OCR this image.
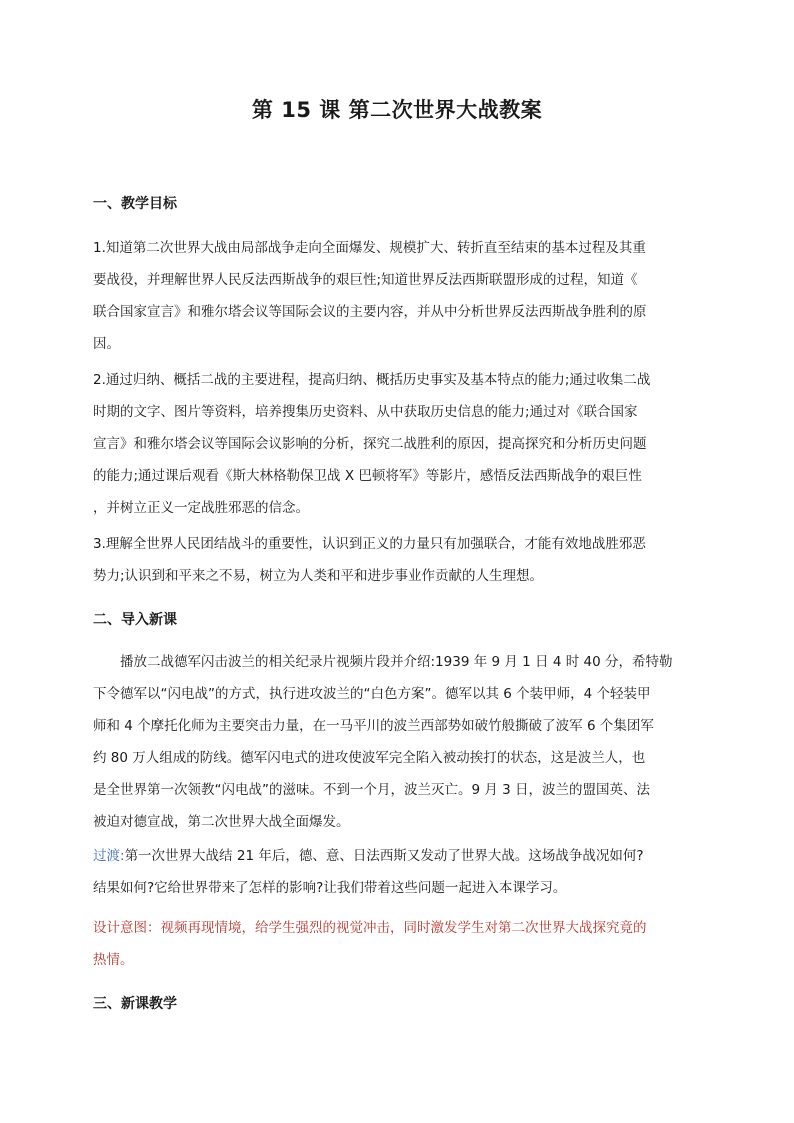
第 15 课 第二次世界大战教案
一、教学目标

1.知道第二次世界大战由局部战争走向全面爆发、规模扩大、转折直至结束的基本过程及其重
要战役，并理解世界人民反法西斯战争的艰巨性;知道世界反法西斯联盟形成的过程，知道《
联合国家宣言》和雅尔塔会议等国际会议的主要内容，并从中分析世界反法西斯战争胜利的原
因。

2.通过归纳、概括二战的主要进程，提高归纳、概括历史事实及基本特点的能力;通过收集二战
时期的文字、图片等资料，培养搜集历史资料、从中获取历史信息的能力;通过对《联合国家
宣言》和雅尔塔会议等国际会议影响的分析，探究二战胜利的原因，提高探究和分析历史问题
的能力;通过课后观看《斯大林格勒保卫战 X 巴顿将军》等影片，感悟反法西斯战争的艰巨性
，并树立正义一定战胜邪恶的信念。

3.理解全世界人民团结战斗的重要性，认识到正义的力量只有加强联合，才能有效地战胜邪恶
势力;认识到和平来之不易，树立为人类和平和进步事业作贡献的人生理想。

二、导入新课

播放二战德军闪击波兰的相关纪录片视频片段并介绍:1939 年 9 月 1 日 4 时 40 分，希特勒
下令德军以“闪电战”的方式，执行进攻波兰的“白色方案”。德军以其 6 个装甲师，4 个轻装甲
师和 4 个摩托化师为主要突击力量，在一马平川的波兰西部势如破竹般撕破了波军 6 个集团军
约 80 万人组成的防线。德军闪电式的进攻使波军完全陷入被动挨打的状态，这是波兰人，也
是全世界第一次领教“闪电战”的滋味。不到一个月，波兰灭亡。9 月 3 日，波兰的盟国英、法
被迫对德宣战，第二次世界大战全面爆发。

过渡:第一次世界大战结 21 年后，德、意、日法西斯又发动了世界大战。这场战争战况如何?
结果如何?它给世界带来了怎样的影响?让我们带着这些问题一起进入本课学习。

设计意图：视频再现情境，给学生强烈的视觉冲击，同时激发学生对第二次世界大战探究竟的
热情。

三、新课教学
